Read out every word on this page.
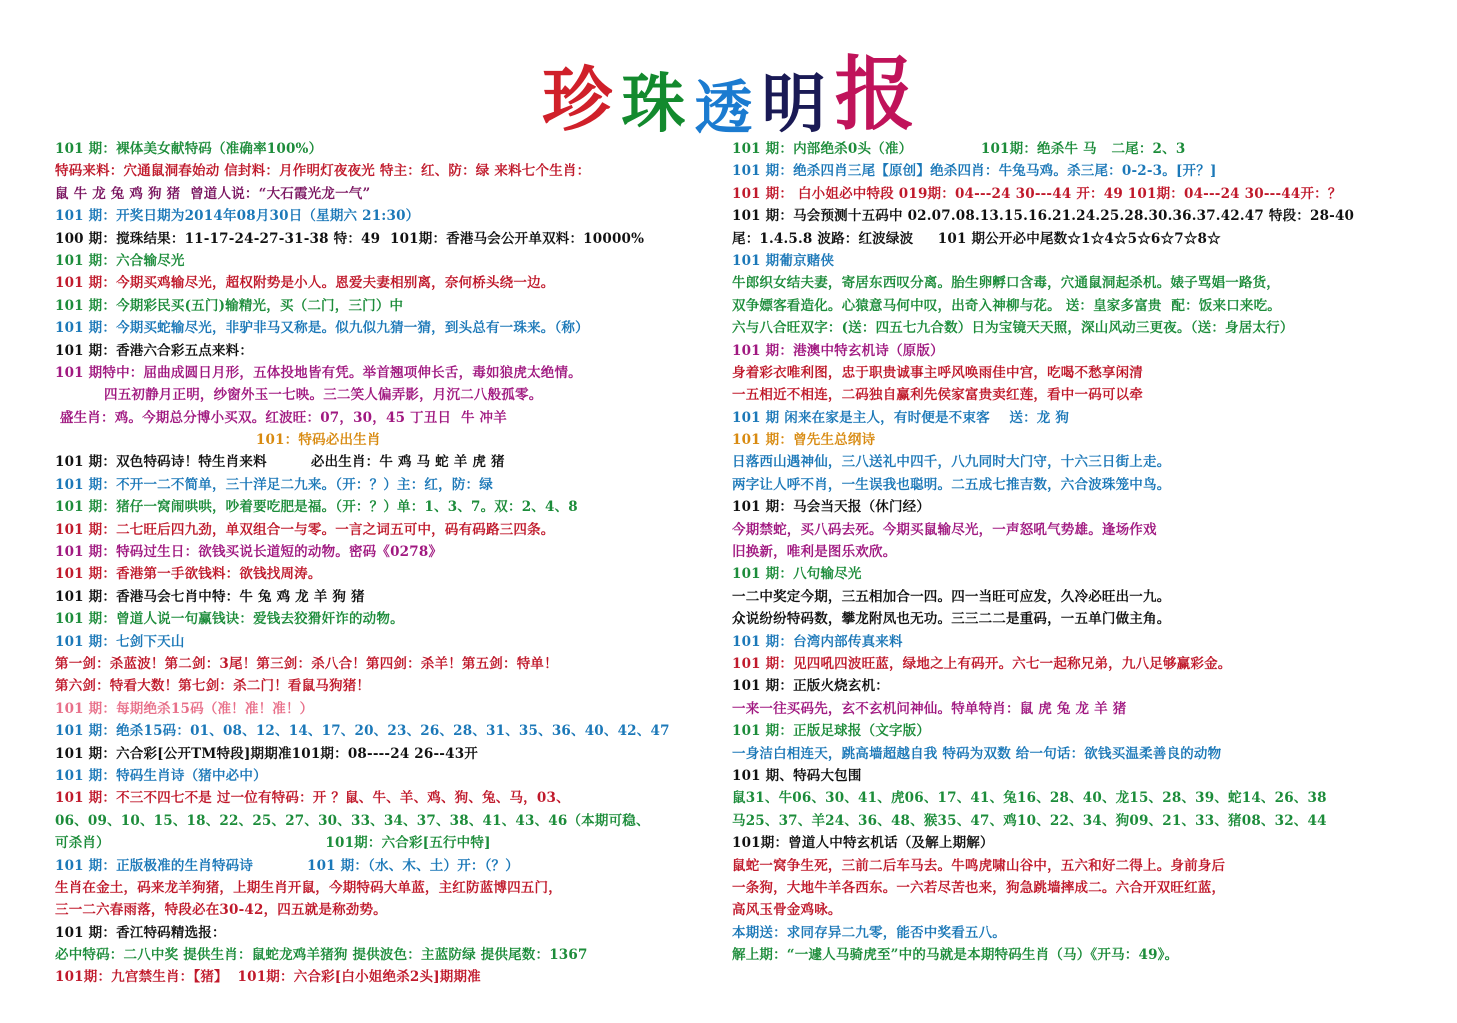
珍 珠 透 明 报
101 期：裸体美女献特码（准确率100%）
特码来料：穴通鼠洞春始动 信封料：月作明灯夜夜光 特主：红、防：绿 来料七个生肖：
鼠 牛 龙 兔 鸡 狗 猪  曾道人说：“大石霞光龙一气”
101 期：开奖日期为2014年08月30日（星期六 21:30）
100 期：搅珠结果：11-17-24-27-31-38 特：49  101期：香港马会公开单双料：10000%
101 期：六合输尽光
101 期：今期买鸡输尽光，超权附势是小人。恩爱夫妻相别离，奈何桥头绕一边。
101 期：今期彩民买(五门)输精光，买（二门，三门）中
101 期：今期买蛇输尽光，非驴非马又称是。似九似九猜一猜，到头总有一珠来。（称）
101 期：香港六合彩五点来料：
101 期特中：屈曲成圆日月形，五体投地皆有凭。举首翘项伸长舌，毒如狼虎太绝情。
四五初静月正明，纱窗外玉一七映。三二笑人偏弄影，月沉二八般孤零。
盛生肖：鸡。今期总分博小买双。红波旺：07，30，45 丁丑日  牛 冲羊
101：特码必出生肖
101 期：双色特码诗！特生肖来料         必出生肖：牛 鸡 马 蛇 羊 虎 猪
101 期：不开一二不简单，三十洋足二九来。（开：？）主：红，防：绿
101 期：猪仔一窝闹哄哄，吵着要吃肥是福。（开：？）单：1、3、7。双：2、4、8
101 期：二七旺后四九劲，单双组合一与零。一言之词五可中，码有码路三四条。
101 期：特码过生日：欲钱买说长道短的动物。密码《0278》
101 期：香港第一手欲钱料：欲钱找周涛。
101 期：香港马会七肖中特：牛 兔 鸡 龙 羊 狗 猪
101 期：曾道人说一句赢钱诀：爱钱去狡猾奸诈的动物。
101 期：七剑下天山
第一剑：杀蓝波！第二剑：3尾！第三剑：杀八合！第四剑：杀羊！第五剑：特单！
第六剑：特看大数！第七剑：杀二门！看鼠马狗猪！
101 期：每期绝杀15码（准！准！准！）
101 期：绝杀15码：01、08、12、14、17、20、23、26、28、31、35、36、40、42、47
101 期：六合彩[公开TM特段]期期准101期：08----24 26--43开
101 期：特码生肖诗（猪中必中）
101 期：不三不四七不是 过一位有特码：开 ？鼠、牛、羊、鸡、狗、兔、马，03、
06、09、10、15、18、22、25、27、30、33、34、37、38、41、43、46（本期可稳、
可杀肖）                                            101期：六合彩[五行中特]
101 期：正版极准的生肖特码诗           101 期：（水、木、土）开：（？）
生肖在金土，码来龙羊狗猪，上期生肖开鼠，今期特码大单蓝，主红防蓝博四五门，
三一二六春雨落，特段必在30-42，四五就是称劲势。
101 期：香江特码精选报：
必中特码：二八中奖 提供生肖：鼠蛇龙鸡羊猪狗 提供波色：主蓝防绿 提供尾数：1367
101期：九宫禁生肖：【猪】  101期：六合彩[白小姐绝杀2头]期期准
101 期：内部绝杀0头（准）              101期：绝杀牛 马   二尾：2、3
101 期：绝杀四肖三尾【原创】绝杀四肖：牛兔马鸡。杀三尾：0-2-3。[开？]
101 期： 白小姐必中特段 019期：04---24 30---44 开：49 101期：04---24 30---44开：？
101 期：马会预测十五码中 02.07.08.13.15.16.21.24.25.28.30.36.37.42.47 特段：28-40
尾：1.4.5.8 波路：红波绿波     101 期公开必中尾数☆1☆4☆5☆6☆7☆8☆
101 期葡京赌侠
牛郎织女结夫妻，寄居东西叹分离。胎生卵孵口含毒，穴通鼠洞起杀机。婊子骂娼一路货，
双争嫖客看造化。心猿意马何中叹，出奇入神柳与花。 送：皇家多富贵  配：饭来口来吃。
六与八合旺双字：(送：四五七九合数）日为宝镜天天照，深山风动三更夜。（送：身居太行）
101 期：港澳中特玄机诗（原版）
身着彩衣唯利图，忠于职贵诚事主呼风唤雨佳中宫，吃喝不愁享闲清
一五相近不相连，二码独自赢利先侯家富贵卖红莲，看中一码可以牵
101 期 闲来在家是主人，有时便是不束客    送：龙 狗
101 期：曾先生总纲诗
日落西山遇神仙，三八送礼中四千，八九同时大门守，十六三日街上走。
两字让人呼不肖，一生误我也聪明。二五成七推吉数，六合波珠笼中鸟。
101 期：马会当天报（休门经）
今期禁蛇，买八码去死。今期买鼠输尽光，一声怒吼气势雄。逢场作戏
旧换新，唯利是图乐欢欣。
101 期：八句输尽光
一二中奖定今期，三五相加合一四。四一当旺可应发，久冷必旺出一九。
众说纷纷特码数，攀龙附凤也无功。三三二二是重码，一五单门做主角。
101 期：台湾内部传真来料
101 期：见四吼四波旺蓝，绿地之上有码开。六七一起称兄弟，九八足够赢彩金。
101 期：正版火烧玄机：
一来一往买码先，玄不玄机问神仙。特单特肖：鼠 虎 兔 龙 羊 猪
101 期：正版足球报（文字版）
一身洁白相连天，跳高墙超越自我 特码为双数 给一句话：欲钱买温柔善良的动物
101 期、特码大包围
鼠31、牛06、30、41、虎06、17、41、兔16、28、40、龙15、28、39、蛇14、26、38
马25、37、羊24、36、48、猴35、47、鸡10、22、34、狗09、21、33、猪08、32、44
101期：曾道人中特玄机话（及解上期解）
鼠蛇一窝争生死，三前二后车马去。牛鸣虎啸山谷中，五六和好二得上。身前身后
一条狗，大地牛羊各西东。一六若尽苦也来，狗急跳墙摔成二。六合开双旺红蓝，
高风玉骨金鸡咏。
本期送：求同存异二九零，能否中奖看五八。
解上期：“一遽人马骑虎至”中的马就是本期特码生肖（马）《开马：49》。
